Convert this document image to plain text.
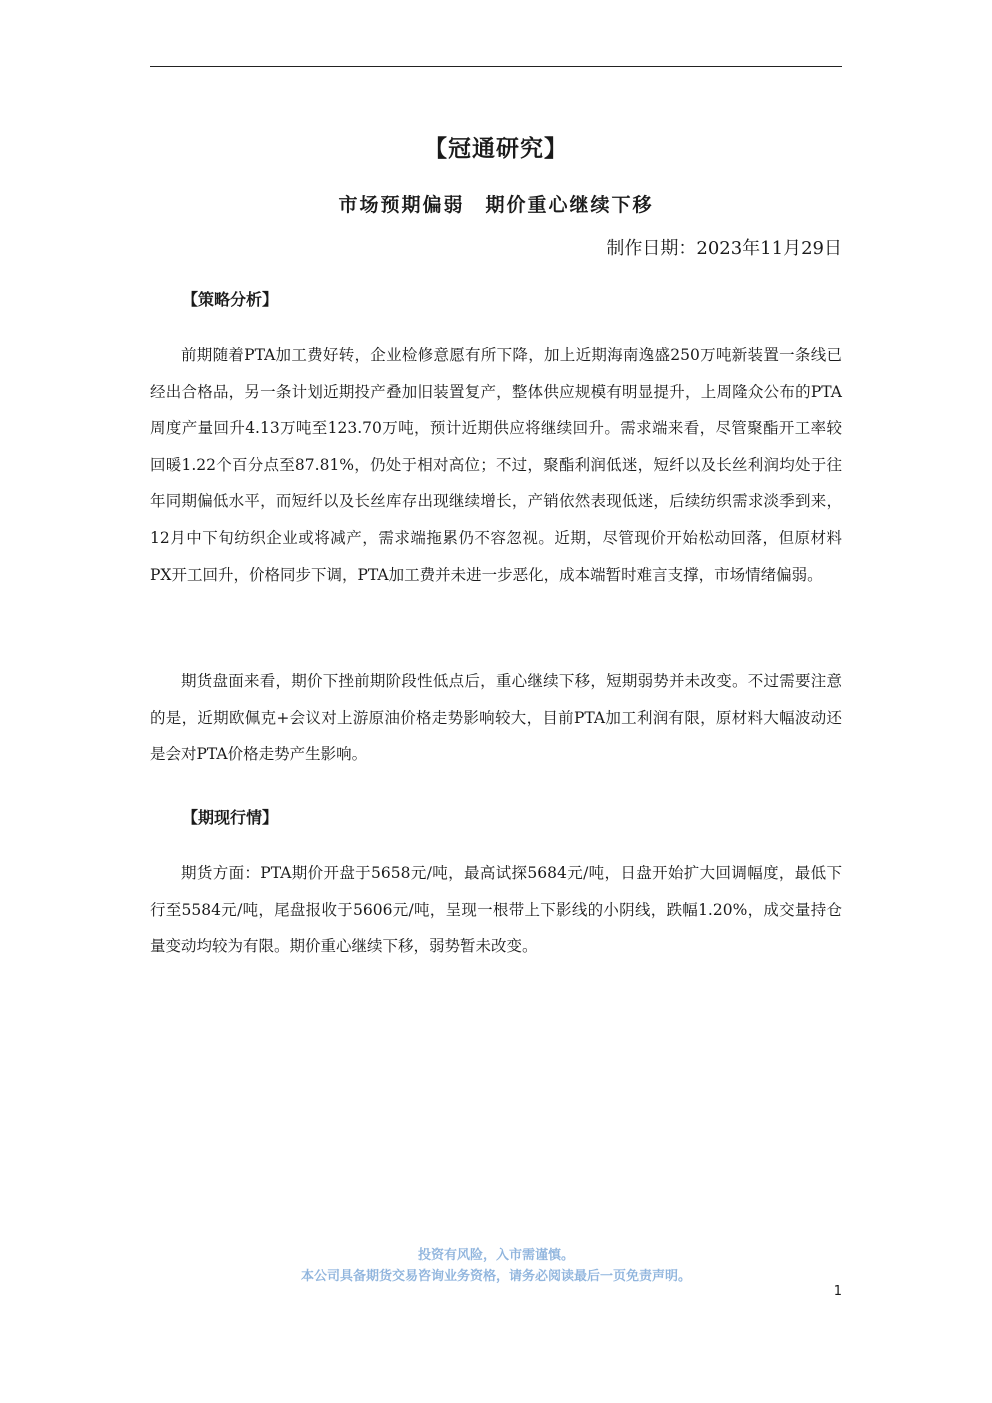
【冠通研究】
市场预期偏弱　期价重心继续下移
制作日期：2023年11月29日
【策略分析】

前期随着PTA加工费好转，企业检修意愿有所下降，加上近期海南逸盛250万吨新装置一条线已经出合格品，另一条计划近期投产叠加旧装置复产，整体供应规模有明显提升，上周隆众公布的PTA周度产量回升4.13万吨至123.70万吨，预计近期供应将继续回升。需求端来看，尽管聚酯开工率较回暖1.22个百分点至87.81%，仍处于相对高位；不过，聚酯利润低迷，短纤以及长丝利润均处于往年同期偏低水平，而短纤以及长丝库存出现继续增长，产销依然表现低迷，后续纺织需求淡季到来，12月中下旬纺织企业或将减产，需求端拖累仍不容忽视。近期，尽管现价开始松动回落，但原材料PX开工回升，价格同步下调，PTA加工费并未进一步恶化，成本端暂时难言支撑，市场情绪偏弱。

期货盘面来看，期价下挫前期阶段性低点后，重心继续下移，短期弱势并未改变。不过需要注意的是，近期欧佩克+会议对上游原油价格走势影响较大，目前PTA加工利润有限，原材料大幅波动还是会对PTA价格走势产生影响。

【期现行情】

期货方面：PTA期价开盘于5658元/吨，最高试探5684元/吨，日盘开始扩大回调幅度，最低下行至5584元/吨，尾盘报收于5606元/吨，呈现一根带上下影线的小阴线，跌幅1.20%，成交量持仓量变动均较为有限。期价重心继续下移，弱势暂未改变。

投资有风险，入市需谨慎。
本公司具备期货交易咨询业务资格，请务必阅读最后一页免责声明。
1
